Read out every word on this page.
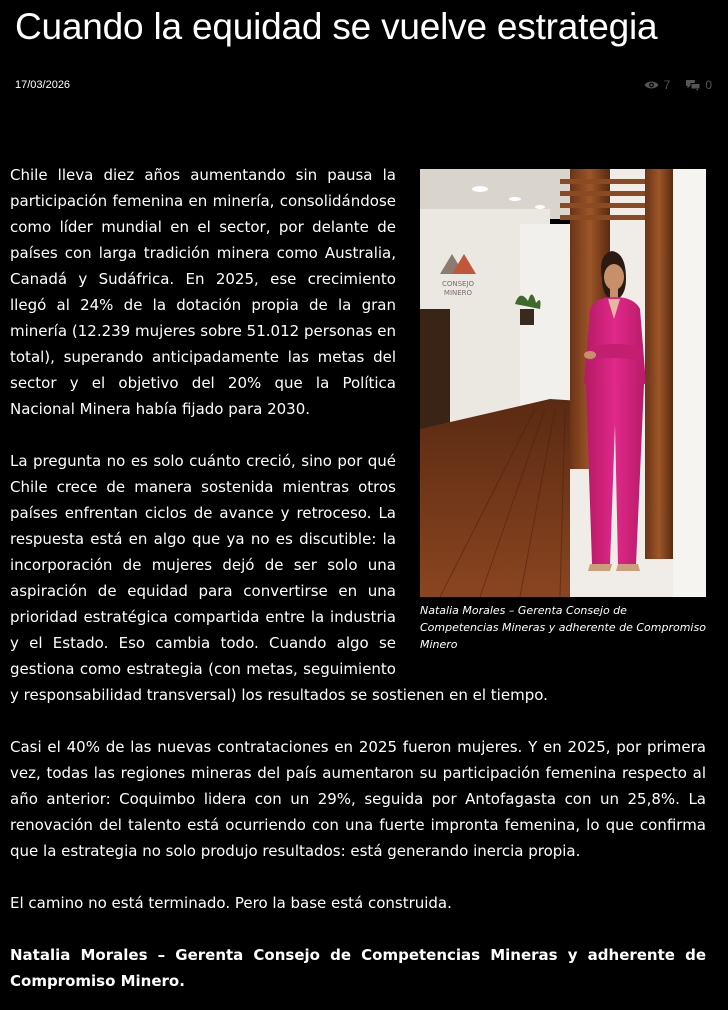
Cuando la equidad se vuelve estrategia
17/03/2026	7	0
CONSEJO
MINERO
Natalia Morales – Gerenta Consejo de Competencias Mineras y adherente de Compromiso Minero

Chile lleva diez años aumentando sin pausa la participación femenina en minería, consolidándose como líder mundial en el sector, por delante de países con larga tradición minera como Australia, Canadá y Sudáfrica. En 2025, ese crecimiento llegó al 24% de la dotación propia de la gran minería (12.239 mujeres sobre 51.012 personas en total), superando anticipadamente las metas del sector y el objetivo del 20% que la Política Nacional Minera había fijado para 2030.

La pregunta no es solo cuánto creció, sino por qué Chile crece de manera sostenida mientras otros países enfrentan ciclos de avance y retroceso. La respuesta está en algo que ya no es discutible: la incorporación de mujeres dejó de ser solo una aspiración de equidad para convertirse en una prioridad estratégica compartida entre la industria y el Estado. Eso cambia todo. Cuando algo se gestiona como estrategia (con metas, seguimiento y responsabilidad transversal) los resultados se sostienen en el tiempo.

Casi el 40% de las nuevas contrataciones en 2025 fueron mujeres. Y en 2025, por primera vez, todas las regiones mineras del país aumentaron su participación femenina respecto al año anterior: Coquimbo lidera con un 29%, seguida por Antofagasta con un 25,8%. La renovación del talento está ocurriendo con una fuerte impronta femenina, lo que confirma que la estrategia no solo produjo resultados: está generando inercia propia.

El camino no está terminado. Pero la base está construida.

Natalia Morales – Gerenta Consejo de Competencias Mineras y adherente de Compromiso Minero.
